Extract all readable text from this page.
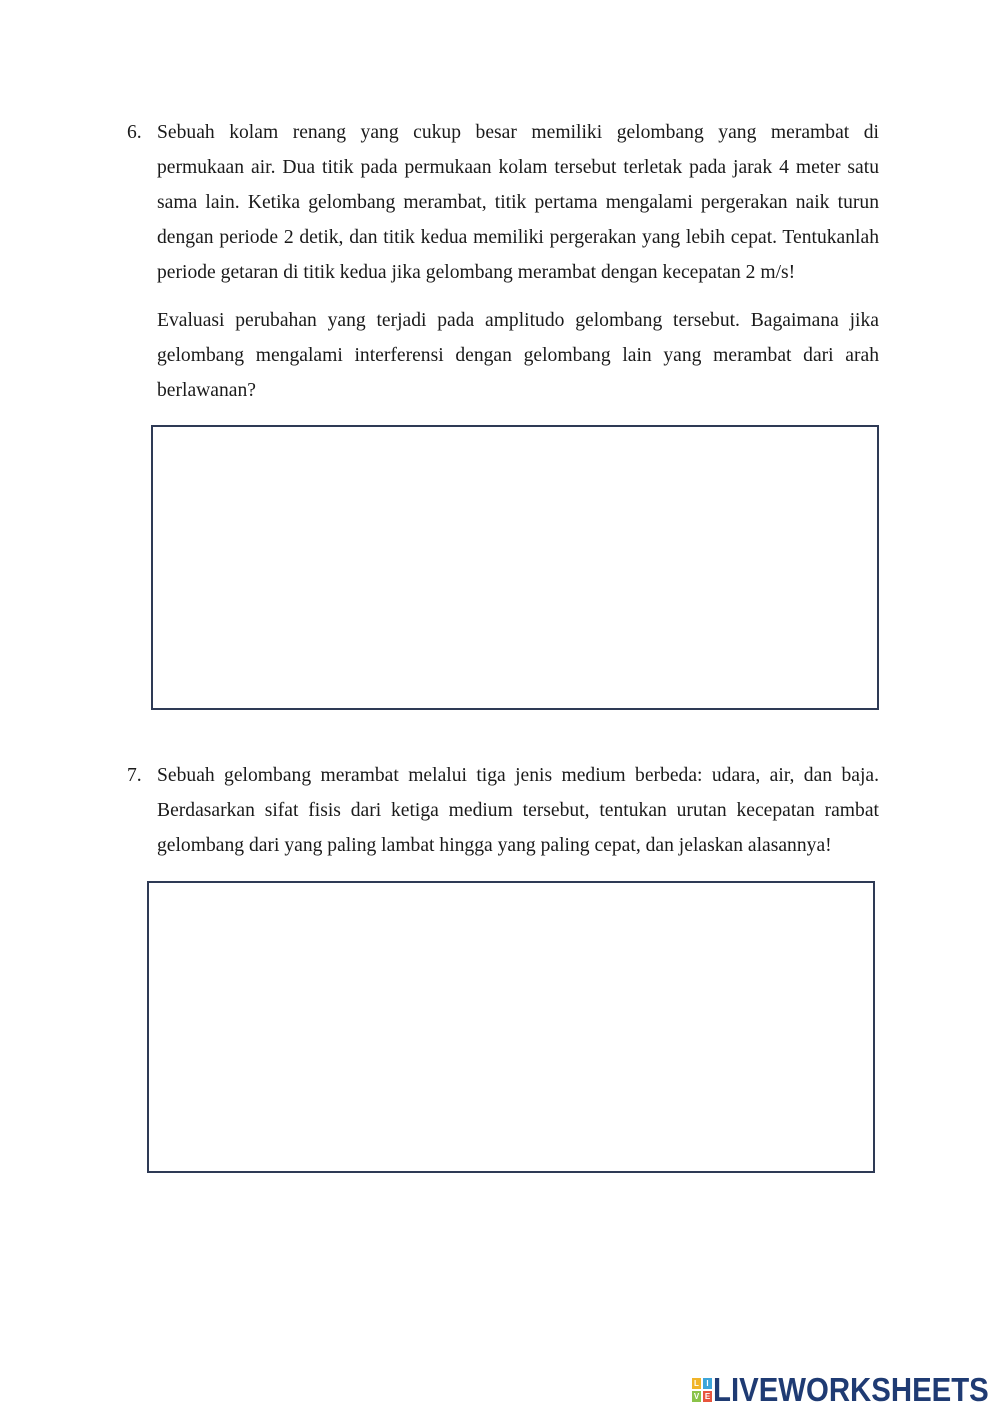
6. Sebuah kolam renang yang cukup besar memiliki gelombang yang merambat di
permukaan air. Dua titik pada permukaan kolam tersebut terletak pada jarak 4 meter satu
sama lain. Ketika gelombang merambat, titik pertama mengalami pergerakan naik turun
dengan periode 2 detik, dan titik kedua memiliki pergerakan yang lebih cepat. Tentukanlah
periode getaran di titik kedua jika gelombang merambat dengan kecepatan 2 m/s!
Evaluasi perubahan yang terjadi pada amplitudo gelombang tersebut. Bagaimana jika
gelombang mengalami interferensi dengan gelombang lain yang merambat dari arah
berlawanan?
7. Sebuah gelombang merambat melalui tiga jenis medium berbeda: udara, air, dan baja.
Berdasarkan sifat fisis dari ketiga medium tersebut, tentukan urutan kecepatan rambat
gelombang dari yang paling lambat hingga yang paling cepat, dan jelaskan alasannya!
L I
V E LIVEWORKSHEETS
